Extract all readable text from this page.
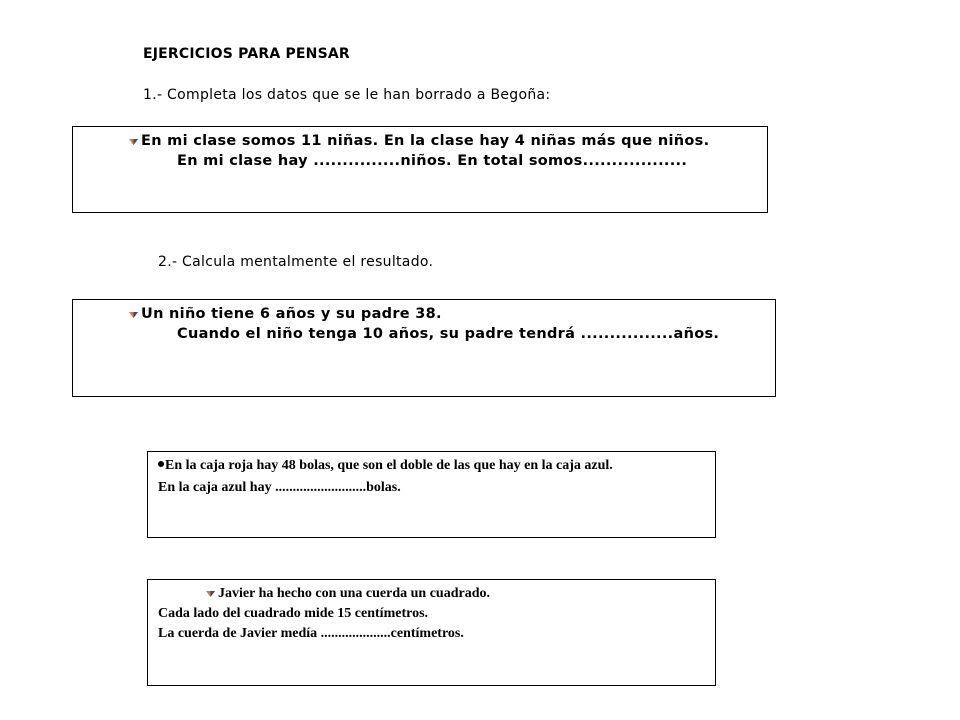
EJERCICIOS PARA PENSAR
1.- Completa los datos que se le han borrado a Begoña:
En mi clase somos 11 niñas. En la clase hay 4 niñas más que niños.
En mi clase hay ...............niños. En total somos..................
2.- Calcula mentalmente el resultado.
Un niño tiene 6 años y su padre 38.
Cuando el niño tenga 10 años, su padre tendrá ................años.
En la caja roja hay 48 bolas, que son el doble de las que hay en la caja azul.
En la caja azul hay ..........................bolas.
Javier ha hecho con una cuerda un cuadrado.
Cada lado del cuadrado mide 15 centímetros.
La cuerda de Javier medía ....................centímetros.
